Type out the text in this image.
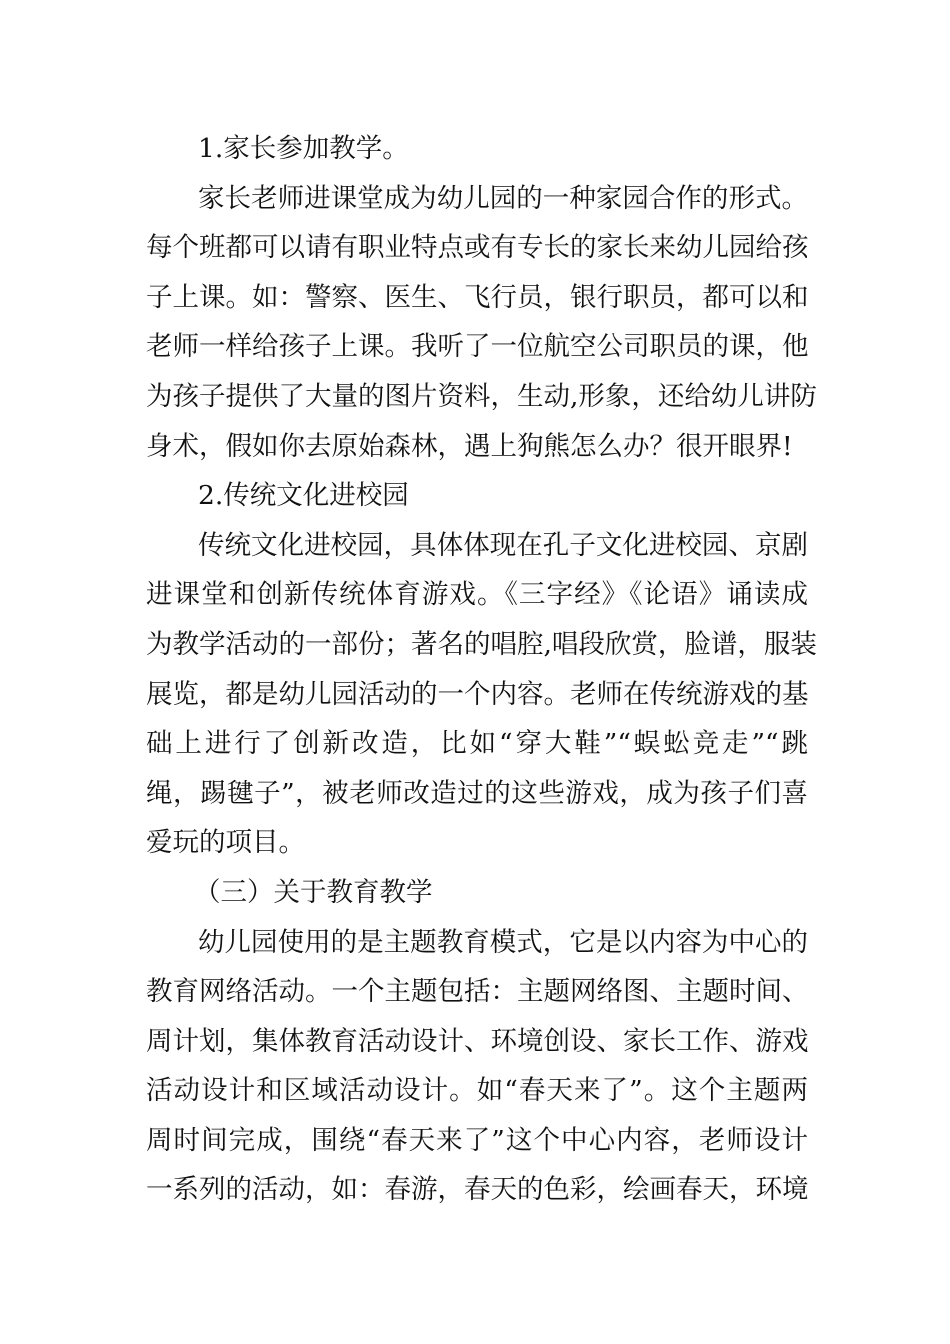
1.家长参加教学。
家长老师进课堂成为幼儿园的一种家园合作的形式。
每个班都可以请有职业特点或有专长的家长来幼儿园给孩
子上课。如：警察、医生、飞行员，银行职员，都可以和
老师一样给孩子上课。我听了一位航空公司职员的课，他
为孩子提供了大量的图片资料，生动,形象，还给幼儿讲防
身术，假如你去原始森林，遇上狗熊怎么办？很开眼界!
2.传统文化进校园
传统文化进校园，具体体现在孔子文化进校园、京剧
进课堂和创新传统体育游戏。《三字经》《论语》诵读成
为教学活动的一部份；著名的唱腔,唱段欣赏，脸谱，服装
展览，都是幼儿园活动的一个内容。老师在传统游戏的基
础上进行了创新改造，比如“穿大鞋”“蜈蚣竞走”“跳
绳，踢毽子”，被老师改造过的这些游戏，成为孩子们喜
爱玩的项目。
（三）关于教育教学
幼儿园使用的是主题教育模式，它是以内容为中心的
教育网络活动。一个主题包括：主题网络图、主题时间、
周计划，集体教育活动设计、环境创设、家长工作、游戏
活动设计和区域活动设计。如“春天来了”。这个主题两
周时间完成，围绕“春天来了”这个中心内容，老师设计
一系列的活动，如：春游，春天的色彩，绘画春天，环境
